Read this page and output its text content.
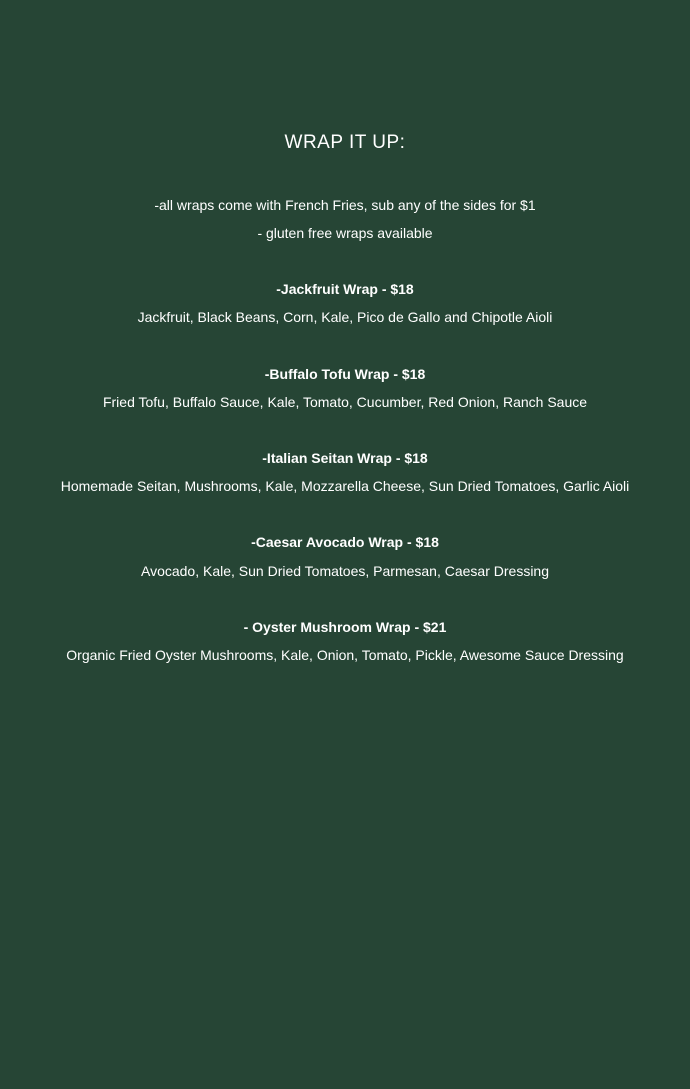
WRAP IT UP:

-all wraps come with French Fries, sub any of the sides for $1

- gluten free wraps available

-Jackfruit Wrap - $18

Jackfruit, Black Beans, Corn, Kale, Pico de Gallo and Chipotle Aioli

-Buffalo Tofu Wrap - $18

Fried Tofu, Buffalo Sauce, Kale, Tomato, Cucumber, Red Onion, Ranch Sauce

-Italian Seitan Wrap - $18

Homemade Seitan, Mushrooms, Kale, Mozzarella Cheese, Sun Dried Tomatoes, Garlic Aioli

-Caesar Avocado Wrap - $18

Avocado, Kale, Sun Dried Tomatoes, Parmesan, Caesar Dressing

- Oyster Mushroom Wrap - $21

Organic Fried Oyster Mushrooms, Kale, Onion, Tomato, Pickle, Awesome Sauce Dressing
